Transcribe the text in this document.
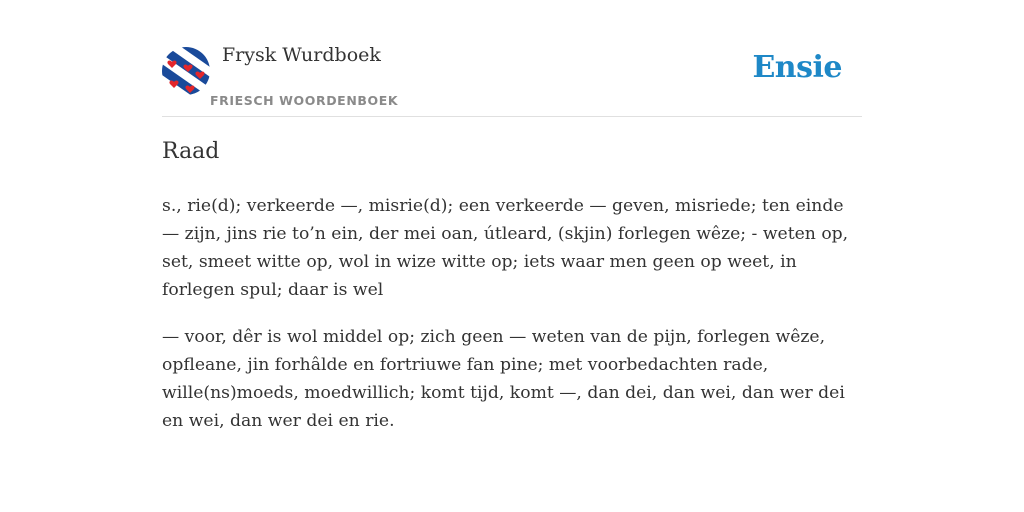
Frysk Wurdboek
FRIESCH WOORDENBOEK
Ensie
Raad

s., rie(d); verkeerde —, misrie(d); een verkeerde — geven, misriede; ten einde — zijn, jins rie to’n ein, der mei oan, útleard, (skjin) forlegen wêze; - weten op, set, smeet witte op, wol in wize witte op; iets waar men geen op weet, in forlegen spul; daar is wel

— voor, dêr is wol middel op; zich geen — weten van de pijn, forlegen wêze, opfleane, jin forhâlde en fortriuwe fan pine; met voorbedachten rade, wille(ns)moeds, moedwillich; komt tijd, komt —, dan dei, dan wei, dan wer dei en wei, dan wer dei en rie.
